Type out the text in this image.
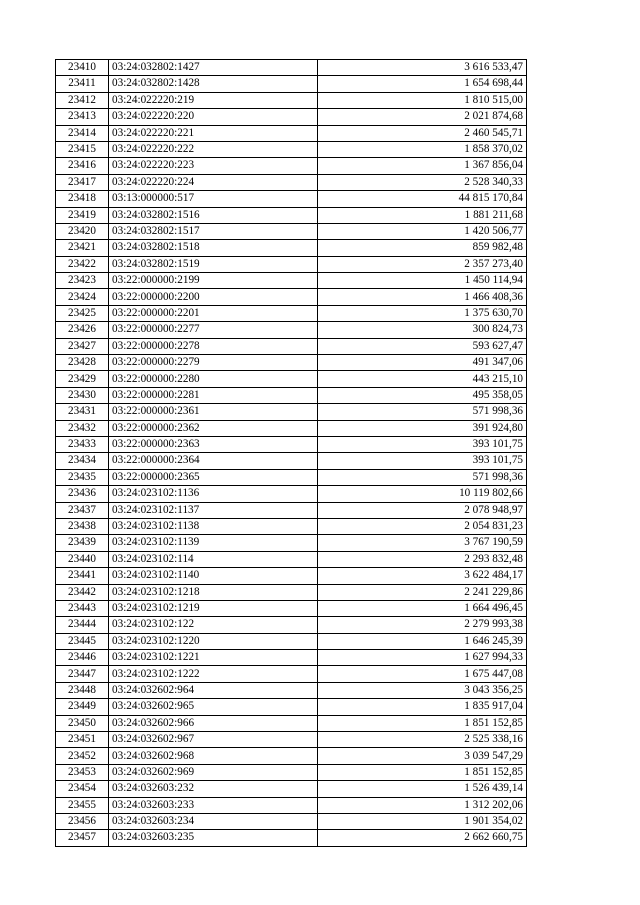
23410	03:24:032802:1427	3 616 533,47
23411	03:24:032802:1428	1 654 698,44
23412	03:24:022220:219	1 810 515,00
23413	03:24:022220:220	2 021 874,68
23414	03:24:022220:221	2 460 545,71
23415	03:24:022220:222	1 858 370,02
23416	03:24:022220:223	1 367 856,04
23417	03:24:022220:224	2 528 340,33
23418	03:13:000000:517	44 815 170,84
23419	03:24:032802:1516	1 881 211,68
23420	03:24:032802:1517	1 420 506,77
23421	03:24:032802:1518	859 982,48
23422	03:24:032802:1519	2 357 273,40
23423	03:22:000000:2199	1 450 114,94
23424	03:22:000000:2200	1 466 408,36
23425	03:22:000000:2201	1 375 630,70
23426	03:22:000000:2277	300 824,73
23427	03:22:000000:2278	593 627,47
23428	03:22:000000:2279	491 347,06
23429	03:22:000000:2280	443 215,10
23430	03:22:000000:2281	495 358,05
23431	03:22:000000:2361	571 998,36
23432	03:22:000000:2362	391 924,80
23433	03:22:000000:2363	393 101,75
23434	03:22:000000:2364	393 101,75
23435	03:22:000000:2365	571 998,36
23436	03:24:023102:1136	10 119 802,66
23437	03:24:023102:1137	2 078 948,97
23438	03:24:023102:1138	2 054 831,23
23439	03:24:023102:1139	3 767 190,59
23440	03:24:023102:114	2 293 832,48
23441	03:24:023102:1140	3 622 484,17
23442	03:24:023102:1218	2 241 229,86
23443	03:24:023102:1219	1 664 496,45
23444	03:24:023102:122	2 279 993,38
23445	03:24:023102:1220	1 646 245,39
23446	03:24:023102:1221	1 627 994,33
23447	03:24:023102:1222	1 675 447,08
23448	03:24:032602:964	3 043 356,25
23449	03:24:032602:965	1 835 917,04
23450	03:24:032602:966	1 851 152,85
23451	03:24:032602:967	2 525 338,16
23452	03:24:032602:968	3 039 547,29
23453	03:24:032602:969	1 851 152,85
23454	03:24:032603:232	1 526 439,14
23455	03:24:032603:233	1 312 202,06
23456	03:24:032603:234	1 901 354,02
23457	03:24:032603:235	2 662 660,75
